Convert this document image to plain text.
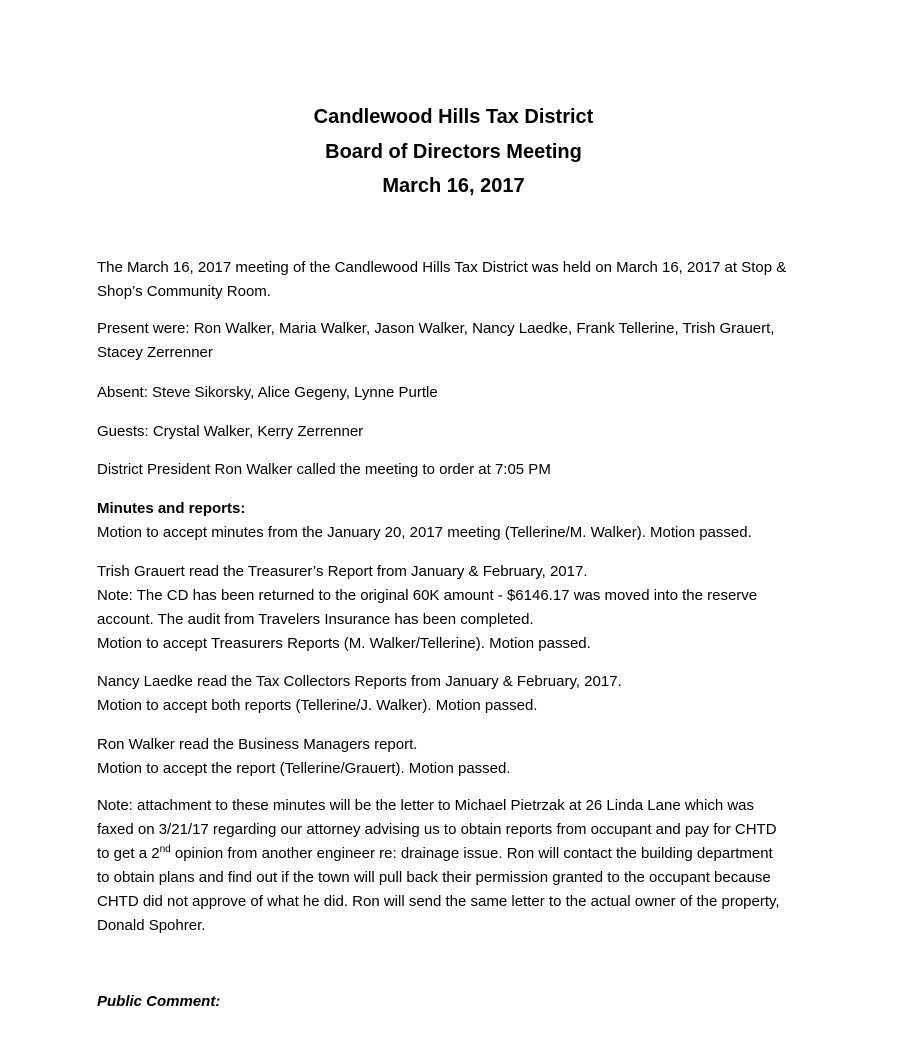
Candlewood Hills Tax District
Board of Directors Meeting
March 16, 2017
The March 16, 2017 meeting of the Candlewood Hills Tax District was held on March 16, 2017 at Stop &
Shop’s Community Room.
Present were: Ron Walker, Maria Walker, Jason Walker, Nancy Laedke, Frank Tellerine, Trish Grauert,
Stacey Zerrenner
Absent: Steve Sikorsky, Alice Gegeny, Lynne Purtle
Guests: Crystal Walker, Kerry Zerrenner
District President Ron Walker called the meeting to order at 7:05 PM
Minutes and reports:
Motion to accept minutes from the January 20, 2017 meeting (Tellerine/M. Walker). Motion passed.
Trish Grauert read the Treasurer’s Report from January & February, 2017.
Note: The CD has been returned to the original 60K amount - $6146.17 was moved into the reserve
account. The audit from Travelers Insurance has been completed.
Motion to accept Treasurers Reports (M. Walker/Tellerine). Motion passed.
Nancy Laedke read the Tax Collectors Reports from January & February, 2017.
Motion to accept both reports (Tellerine/J. Walker). Motion passed.
Ron Walker read the Business Managers report.
Motion to accept the report (Tellerine/Grauert). Motion passed.
Note: attachment to these minutes will be the letter to Michael Pietrzak at 26 Linda Lane which was
faxed on 3/21/17 regarding our attorney advising us to obtain reports from occupant and pay for CHTD
to get a 2nd opinion from another engineer re: drainage issue. Ron will contact the building department
to obtain plans and find out if the town will pull back their permission granted to the occupant because
CHTD did not approve of what he did. Ron will send the same letter to the actual owner of the property,
Donald Spohrer.
Public Comment:
